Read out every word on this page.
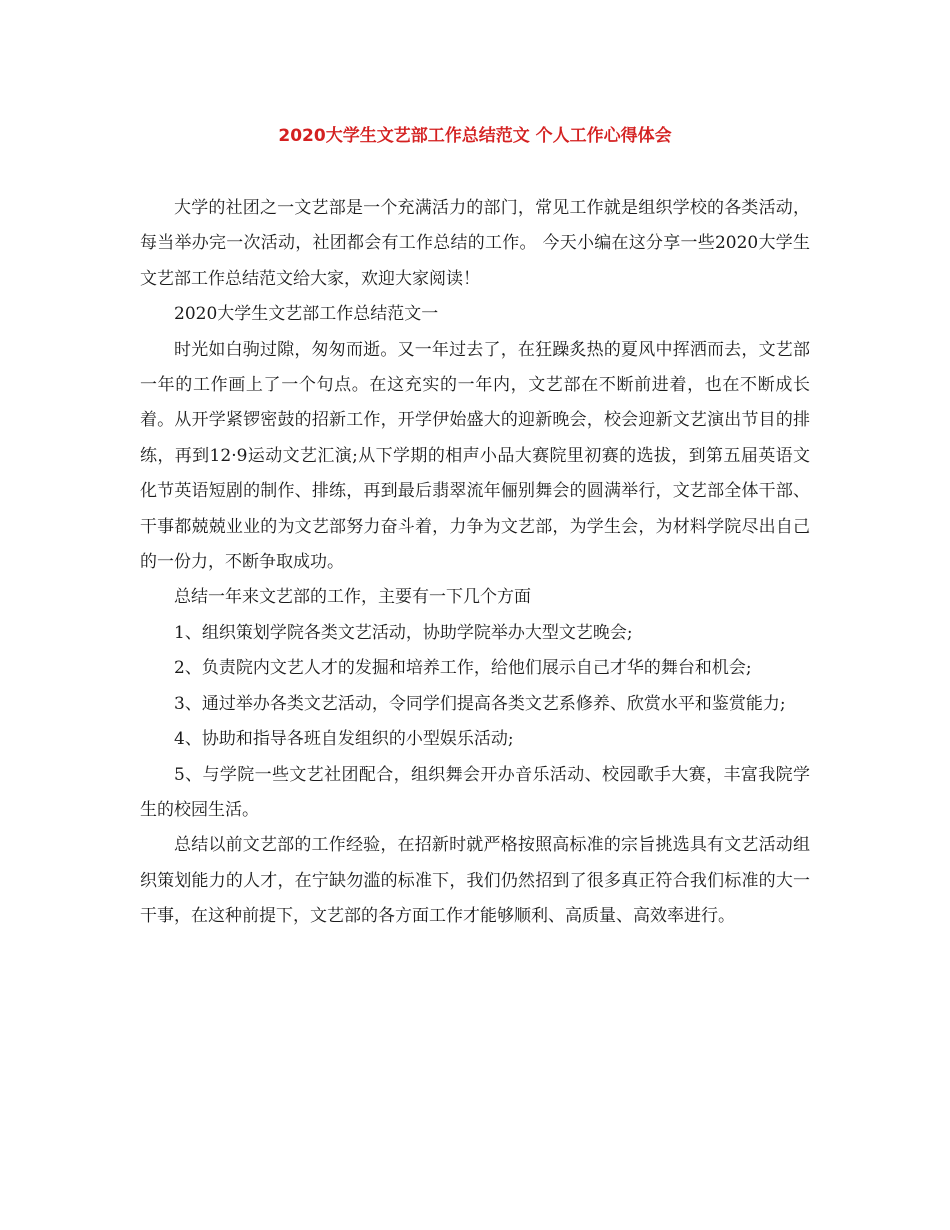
2020大学生文艺部工作总结范文 个人工作心得体会

大学的社团之一文艺部是一个充满活力的部门，常见工作就是组织学校的各类活动，每当举办完一次活动，社团都会有工作总结的工作。 今天小编在这分享一些2020大学生文艺部工作总结范文给大家，欢迎大家阅读！

2020大学生文艺部工作总结范文一

时光如白驹过隙，匆匆而逝。又一年过去了，在狂躁炙热的夏风中挥洒而去，文艺部一年的工作画上了一个句点。在这充实的一年内，文艺部在不断前进着，也在不断成长着。从开学紧锣密鼓的招新工作，开学伊始盛大的迎新晚会，校会迎新文艺演出节目的排练，再到12·9运动文艺汇演;从下学期的相声小品大赛院里初赛的选拔，到第五届英语文化节英语短剧的制作、排练，再到最后翡翠流年俪别舞会的圆满举行，文艺部全体干部、干事都兢兢业业的为文艺部努力奋斗着，力争为文艺部，为学生会，为材料学院尽出自己的一份力，不断争取成功。

总结一年来文艺部的工作，主要有一下几个方面

1、组织策划学院各类文艺活动，协助学院举办大型文艺晚会;

2、负责院内文艺人才的发掘和培养工作，给他们展示自己才华的舞台和机会;

3、通过举办各类文艺活动，令同学们提高各类文艺系修养、欣赏水平和鉴赏能力;

4、协助和指导各班自发组织的小型娱乐活动;

5、与学院一些文艺社团配合，组织舞会开办音乐活动、校园歌手大赛，丰富我院学生的校园生活。

总结以前文艺部的工作经验，在招新时就严格按照高标准的宗旨挑选具有文艺活动组织策划能力的人才，在宁缺勿滥的标准下，我们仍然招到了很多真正符合我们标准的大一干事，在这种前提下，文艺部的各方面工作才能够顺利、高质量、高效率进行。
